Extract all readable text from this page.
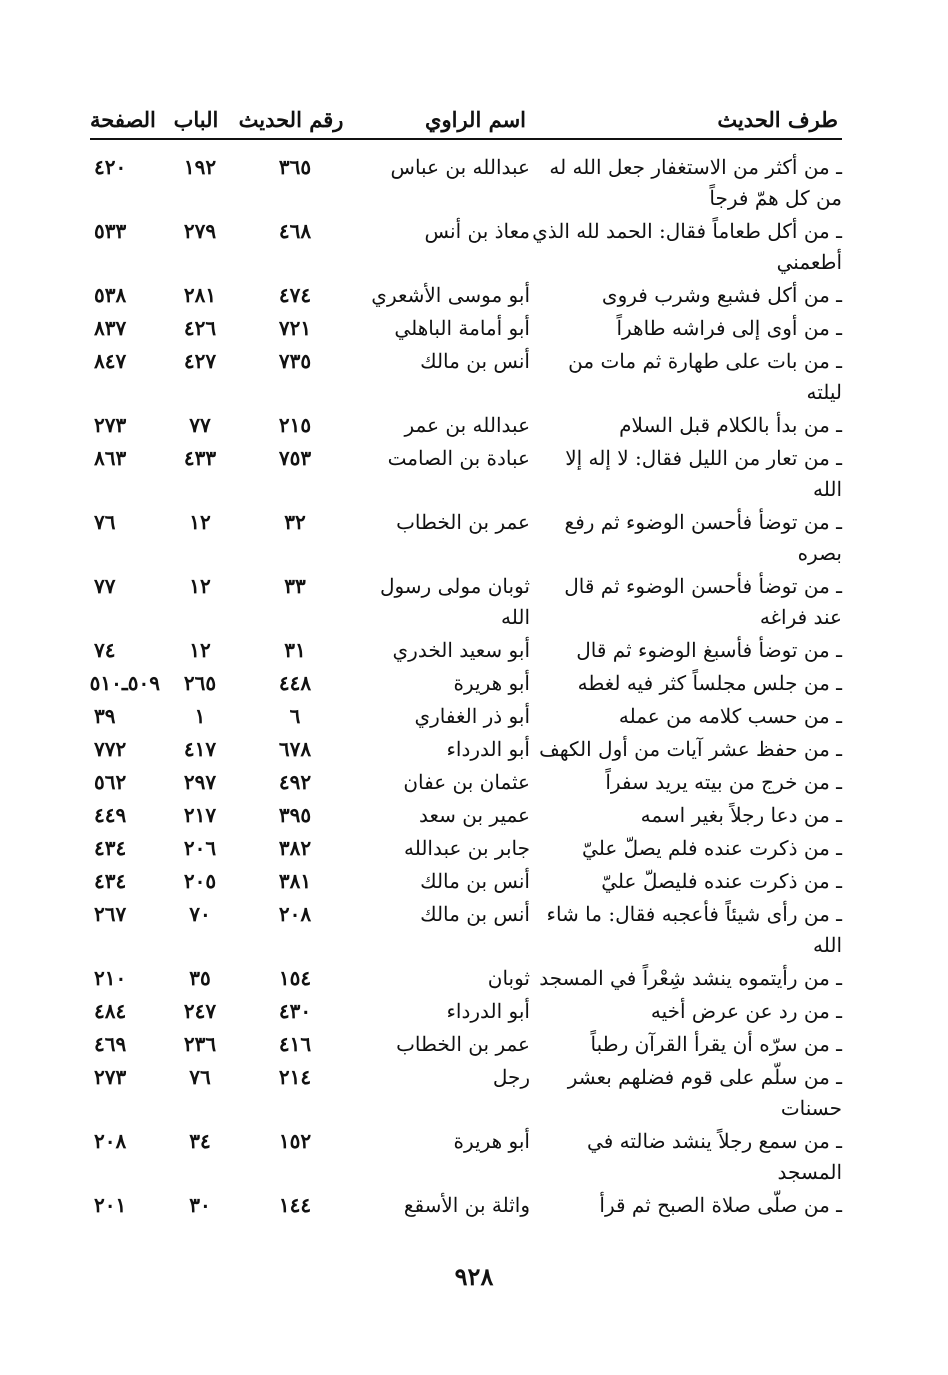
طرف الحديث
اسم الراوي
رقم الحديث
الباب
الصفحة
ـ من أكثر من الاستغفار جعل الله له من كل همّ فرجاً
عبدالله بن عباس
٣٦٥
١٩٢
٤٢٠
ـ من أكل طعاماً فقال: الحمد لله الذي أطعمني
معاذ بن أنس
٤٦٨
٢٧٩
٥٣٣
ـ من أكل فشبع وشرب فروى
أبو موسى الأشعري
٤٧٤
٢٨١
٥٣٨
ـ من أوى إلى فراشه طاهراً
أبو أمامة الباهلي
٧٢١
٤٢٦
٨٣٧
ـ من بات على طهارة ثم مات من ليلته
أنس بن مالك
٧٣٥
٤٢٧
٨٤٧
ـ من بدأ بالكلام قبل السلام
عبدالله بن عمر
٢١٥
٧٧
٢٧٣
ـ من تعار من الليل فقال: لا إله إلا الله
عبادة بن الصامت
٧٥٣
٤٣٣
٨٦٣
ـ من توضأ فأحسن الوضوء ثم رفع بصره
عمر بن الخطاب
٣٢
١٢
٧٦
ـ من توضأ فأحسن الوضوء ثم قال عند فراغه
ثوبان مولى رسول الله
٣٣
١٢
٧٧
ـ من توضأ فأسبغ الوضوء ثم قال
أبو سعيد الخدري
٣١
١٢
٧٤
ـ من جلس مجلساً كثر فيه لغطه
أبو هريرة
٤٤٨
٢٦٥
٥٠٩ـ٥١٠
ـ من حسب كلامه من عمله
أبو ذر الغفاري
٦
١
٣٩
ـ من حفظ عشر آيات من أول الكهف
أبو الدرداء
٦٧٨
٤١٧
٧٧٢
ـ من خرج من بيته يريد سفراً
عثمان بن عفان
٤٩٢
٢٩٧
٥٦٢
ـ من دعا رجلاً بغير اسمه
عمير بن سعد
٣٩٥
٢١٧
٤٤٩
ـ من ذكرت عنده فلم يصلّ عليّ
جابر بن عبدالله
٣٨٢
٢٠٦
٤٣٤
ـ من ذكرت عنده فليصلّ عليّ
أنس بن مالك
٣٨١
٢٠٥
٤٣٤
ـ من رأى شيئاً فأعجبه فقال: ما شاء الله
أنس بن مالك
٢٠٨
٧٠
٢٦٧
ـ من رأيتموه ينشد شِعْراً في المسجد
ثوبان
١٥٤
٣٥
٢١٠
ـ من رد عن عرض أخيه
أبو الدرداء
٤٣٠
٢٤٧
٤٨٤
ـ من سرّه أن يقرأ القرآن رطباً
عمر بن الخطاب
٤١٦
٢٣٦
٤٦٩
ـ من سلّم على قوم فضلهم بعشر حسنات
رجل
٢١٤
٧٦
٢٧٣
ـ من سمع رجلاً ينشد ضالته في المسجد
أبو هريرة
١٥٢
٣٤
٢٠٨
ـ من صلّى صلاة الصبح ثم قرأ
واثلة بن الأسقع
١٤٤
٣٠
٢٠١
٩٢٨
